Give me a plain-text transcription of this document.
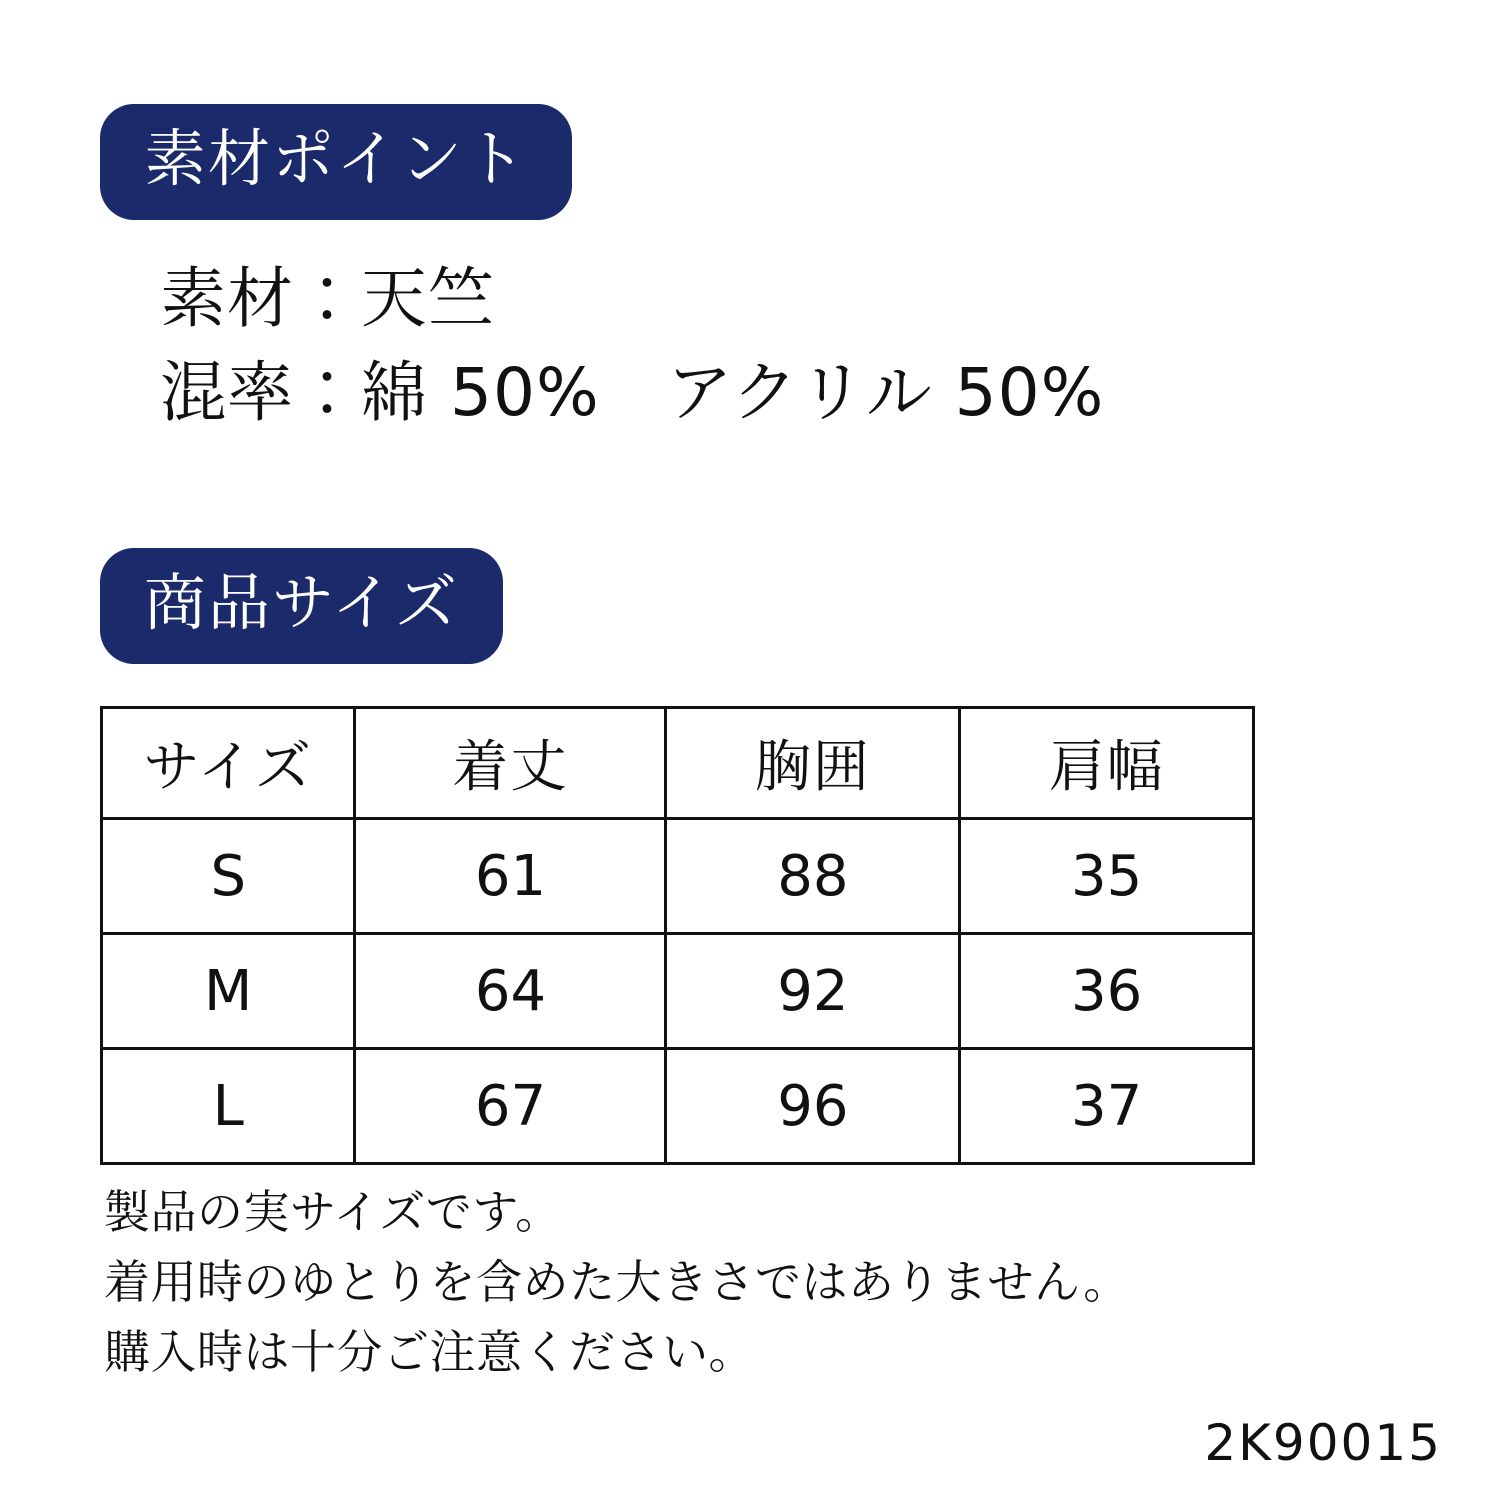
素材ポイント
素材：天竺
混率：綿 50%　アクリル 50%
商品サイズ
サイズ	着丈	胸囲	肩幅
S	61	88	35
M	64	92	36
L	67	96	37
製品の実サイズです。
着用時のゆとりを含めた大きさではありません。
購入時は十分ご注意ください。
2K90015
